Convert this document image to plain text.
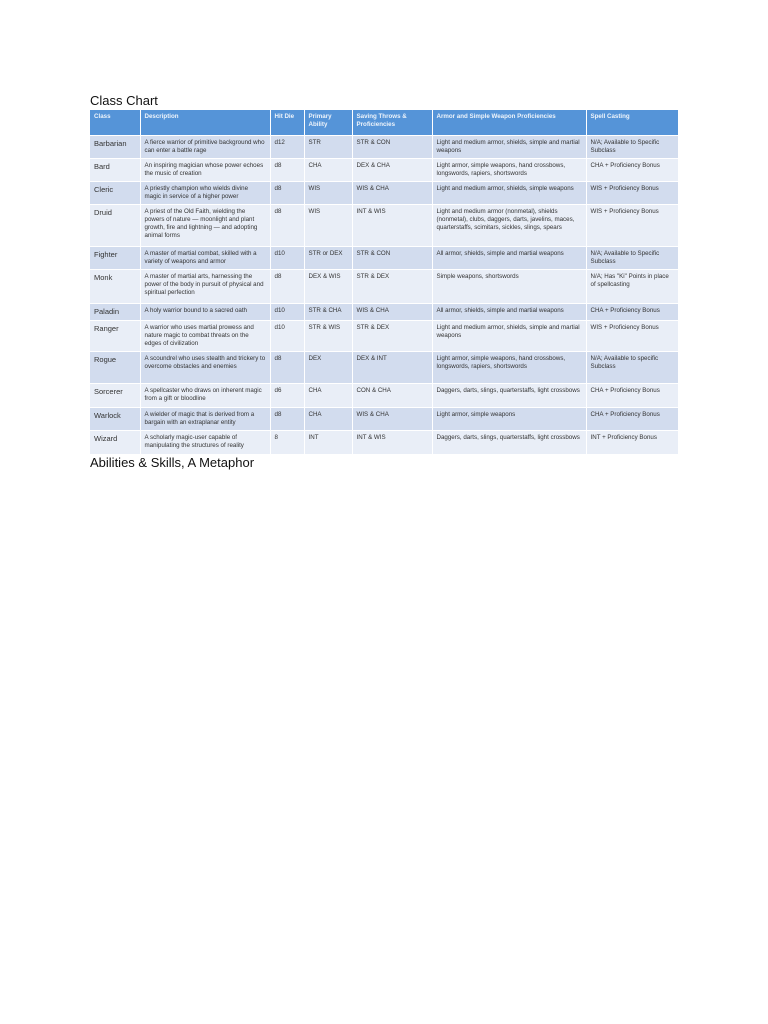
Class Chart
Class	Description	Hit Die	Primary Ability	Saving Throws & Proficiencies	Armor and Simple Weapon Proficiencies	Spell Casting
Barbarian	A fierce warrior of primitive background who can enter a battle rage	d12	STR	STR & CON	Light and medium armor, shields, simple and martial weapons	N/A; Available to Specific Subclass
Bard	An inspiring magician whose power echoes the music of creation	d8	CHA	DEX & CHA	Light armor, simple weapons, hand crossbows, longswords, rapiers, shortswords	CHA + Proficiency Bonus
Cleric	A priestly champion who wields divine magic in service of a higher power	d8	WIS	WIS & CHA	Light and medium armor, shields, simple weapons	WIS + Proficiency Bonus
Druid	A priest of the Old Faith, wielding the powers of nature — moonlight and plant growth, fire and lightning — and adopting animal forms	d8	WIS	INT & WIS	Light and medium armor (nonmetal), shields (nonmetal), clubs, daggers, darts, javelins, maces, quarterstaffs, scimitars, sickles, slings, spears	WIS + Proficiency Bonus
Fighter	A master of martial combat, skilled with a variety of weapons and armor	d10	STR or DEX	STR & CON	All armor, shields, simple and martial weapons	N/A; Available to Specific Subclass
Monk	A master of martial arts, harnessing the power of the body in pursuit of physical and spiritual perfection	d8	DEX & WIS	STR & DEX	Simple weapons, shortswords	N/A; Has "Ki" Points in place of spellcasting
Paladin	A holy warrior bound to a sacred oath	d10	STR & CHA	WIS & CHA	All armor, shields, simple and martial weapons	CHA + Proficiency Bonus
Ranger	A warrior who uses martial prowess and nature magic to combat threats on the edges of civilization	d10	STR & WIS	STR & DEX	Light and medium armor, shields, simple and martial weapons	WIS + Proficiency Bonus
Rogue	A scoundrel who uses stealth and trickery to overcome obstacles and enemies	d8	DEX	DEX & INT	Light armor, simple weapons, hand crossbows, longswords, rapiers, shortswords	N/A; Available to specific Subclass
Sorcerer	A spellcaster who draws on inherent magic from a gift or bloodline	d6	CHA	CON & CHA	Daggers, darts, slings, quarterstaffs, light crossbows	CHA + Proficiency Bonus
Warlock	A wielder of magic that is derived from a bargain with an extraplanar entity	d8	CHA	WIS & CHA	Light armor, simple weapons	CHA + Proficiency Bonus
Wizard	A scholarly magic-user capable of manipulating the structures of reality	8	INT	INT & WIS	Daggers, darts, slings, quarterstaffs, light crossbows	INT + Proficiency Bonus
Abilities & Skills, A Metaphor
